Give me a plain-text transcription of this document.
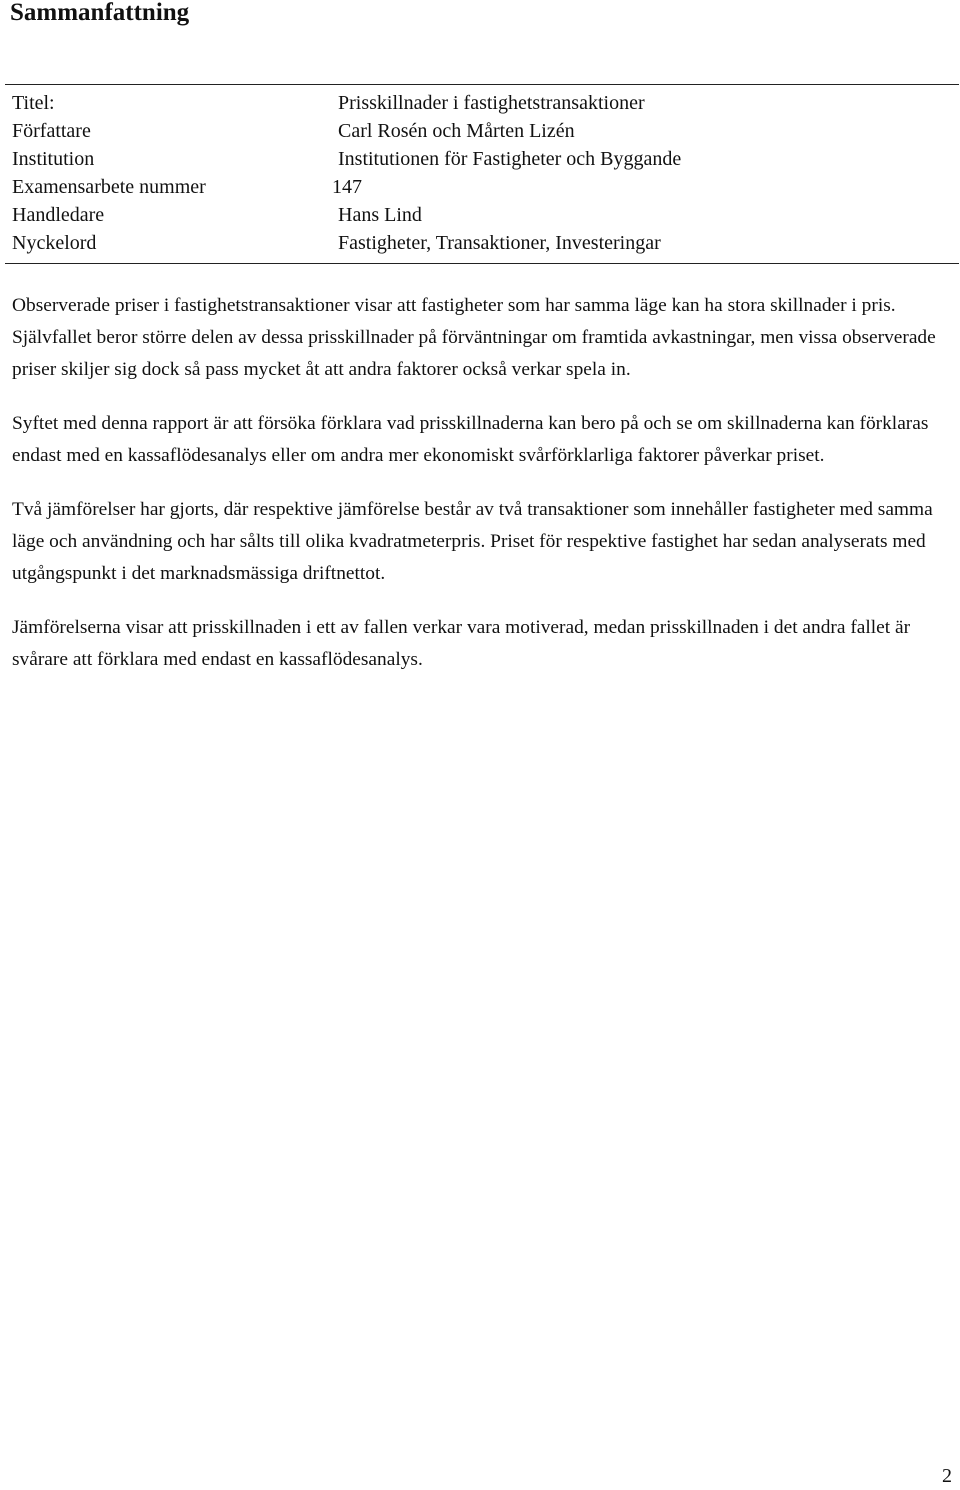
Sammanfattning
Titel:	Prisskillnader i fastighetstransaktioner
Författare	Carl Rosén och Mårten Lizén
Institution	Institutionen för Fastigheter och Byggande
Examensarbete nummer	147
Handledare	Hans Lind
Nyckelord	Fastigheter, Transaktioner, Investeringar

Observerade priser i fastighetstransaktioner visar att fastigheter som har samma läge kan ha stora skillnader i pris. Självfallet beror större delen av dessa prisskillnader på förväntningar om framtida avkastningar, men vissa observerade priser skiljer sig dock så pass mycket åt att andra faktorer också verkar spela in.

Syftet med denna rapport är att försöka förklara vad prisskillnaderna kan bero på och se om skillnaderna kan förklaras endast med en kassaflödesanalys eller om andra mer ekonomiskt svårförklarliga faktorer påverkar priset.

Två jämförelser har gjorts, där respektive jämförelse består av två transaktioner som innehåller fastigheter med samma läge och användning och har sålts till olika kvadratmeterpris. Priset för respektive fastighet har sedan analyserats med utgångspunkt i det marknadsmässiga driftnettot.

Jämförelserna visar att prisskillnaden i ett av fallen verkar vara motiverad, medan prisskillnaden i det andra fallet är svårare att förklara med endast en kassaflödesanalys.

2
